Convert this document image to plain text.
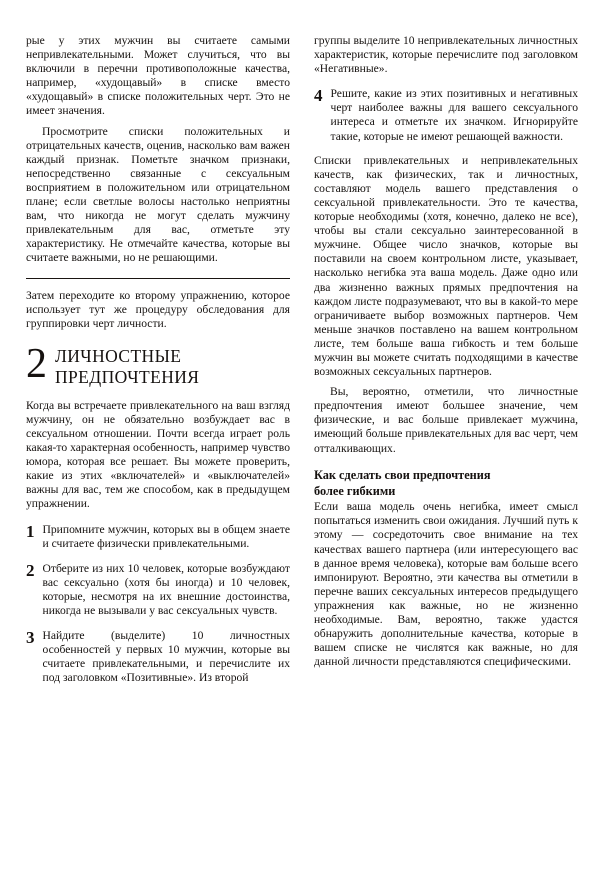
рые у этих мужчин вы считаете самыми непривлекательными. Может случиться, что вы включили в перечни противоположные качества, например, «худощавый» в списке вместо «худощавый» в списке положительных черт. Это не имеет значения.

Просмотрите списки положительных и отрицательных качеств, оценив, насколько вам важен каждый признак. Пометьте значком признаки, непосредственно связанные с сексуальным восприятием в положительном или отрицательном плане; если светлые волосы настолько неприятны вам, что никогда не могут сделать мужчину привлекательным для вас, отметьте эту характеристику. Не отмечайте качества, которые вы считаете важными, но не решающими.

Затем переходите ко второму упражнению, которое использует тут же процедуру обследования для группировки черт личности.

2 ЛИЧНОСТНЫЕ
ПРЕДПОЧТЕНИЯ

Когда вы встречаете привлекательного на ваш взгляд мужчину, он не обязательно возбуждает вас в сексуальном отношении. Почти всегда играет роль какая-то характерная особенность, например чувство юмора, которая все решает. Вы можете проверить, какие из этих «включателей» и «выключателей» важны для вас, тем же способом, как в предыдущем упражнении.

1 Припомните мужчин, которых вы в общем знаете и считаете физически привлекательными.

2 Отберите из них 10 человек, которые возбуждают вас сексуально (хотя бы иногда) и 10 человек, которые, несмотря на их внешние достоинства, никогда не вызывали у вас сексуальных чувств.

3 Найдите (выделите) 10 личностных особенностей у первых 10 мужчин, которые вы считаете привлекательными, и перечислите их под заголовком «Позитивные». Из второй

группы выделите 10 непривлекательных личностных характеристик, которые перечислите под заголовком «Негативные».

4 Решите, какие из этих позитивных и негативных черт наиболее важны для вашего сексуального интереса и отметьте их значком. Игнорируйте такие, которые не имеют решающей важности.

Списки привлекательных и непривлекательных качеств, как физических, так и личностных, составляют модель вашего представления о сексуальной привлекательности. Это те качества, которые необходимы (хотя, конечно, далеко не все), чтобы вы стали сексуально заинтересованной в мужчине. Общее число значков, которые вы поставили на своем контрольном листе, указывает, насколько негибка эта ваша модель. Даже одно или два жизненно важных прямых предпочтения на каждом листе подразумевают, что вы в какой-то мере ограничиваете выбор возможных партнеров. Чем меньше значков поставлено на вашем контрольном листе, тем больше ваша гибкость и тем больше мужчин вы можете считать подходящими в качестве возможных сексуальных партнеров.

Вы, вероятно, отметили, что личностные предпочтения имеют большее значение, чем физические, и вас больше привлекает мужчина, имеющий больше привлекательных для вас черт, чем отталкивающих.

Как сделать свои предпочтения
более гибкими

Если ваша модель очень негибка, имеет смысл попытаться изменить свои ожидания. Лучший путь к этому — сосредоточить свое внимание на тех качествах вашего партнера (или интересующего вас в данное время человека), которые вам больше всего импонируют. Вероятно, эти качества вы отметили в перечне ваших сексуальных интересов предыдущего упражнения как важные, но не жизненно необходимые. Вам, вероятно, также удастся обнаружить дополнительные качества, которые в вашем списке не числятся как важные, но для данной личности представляются специфическими.
